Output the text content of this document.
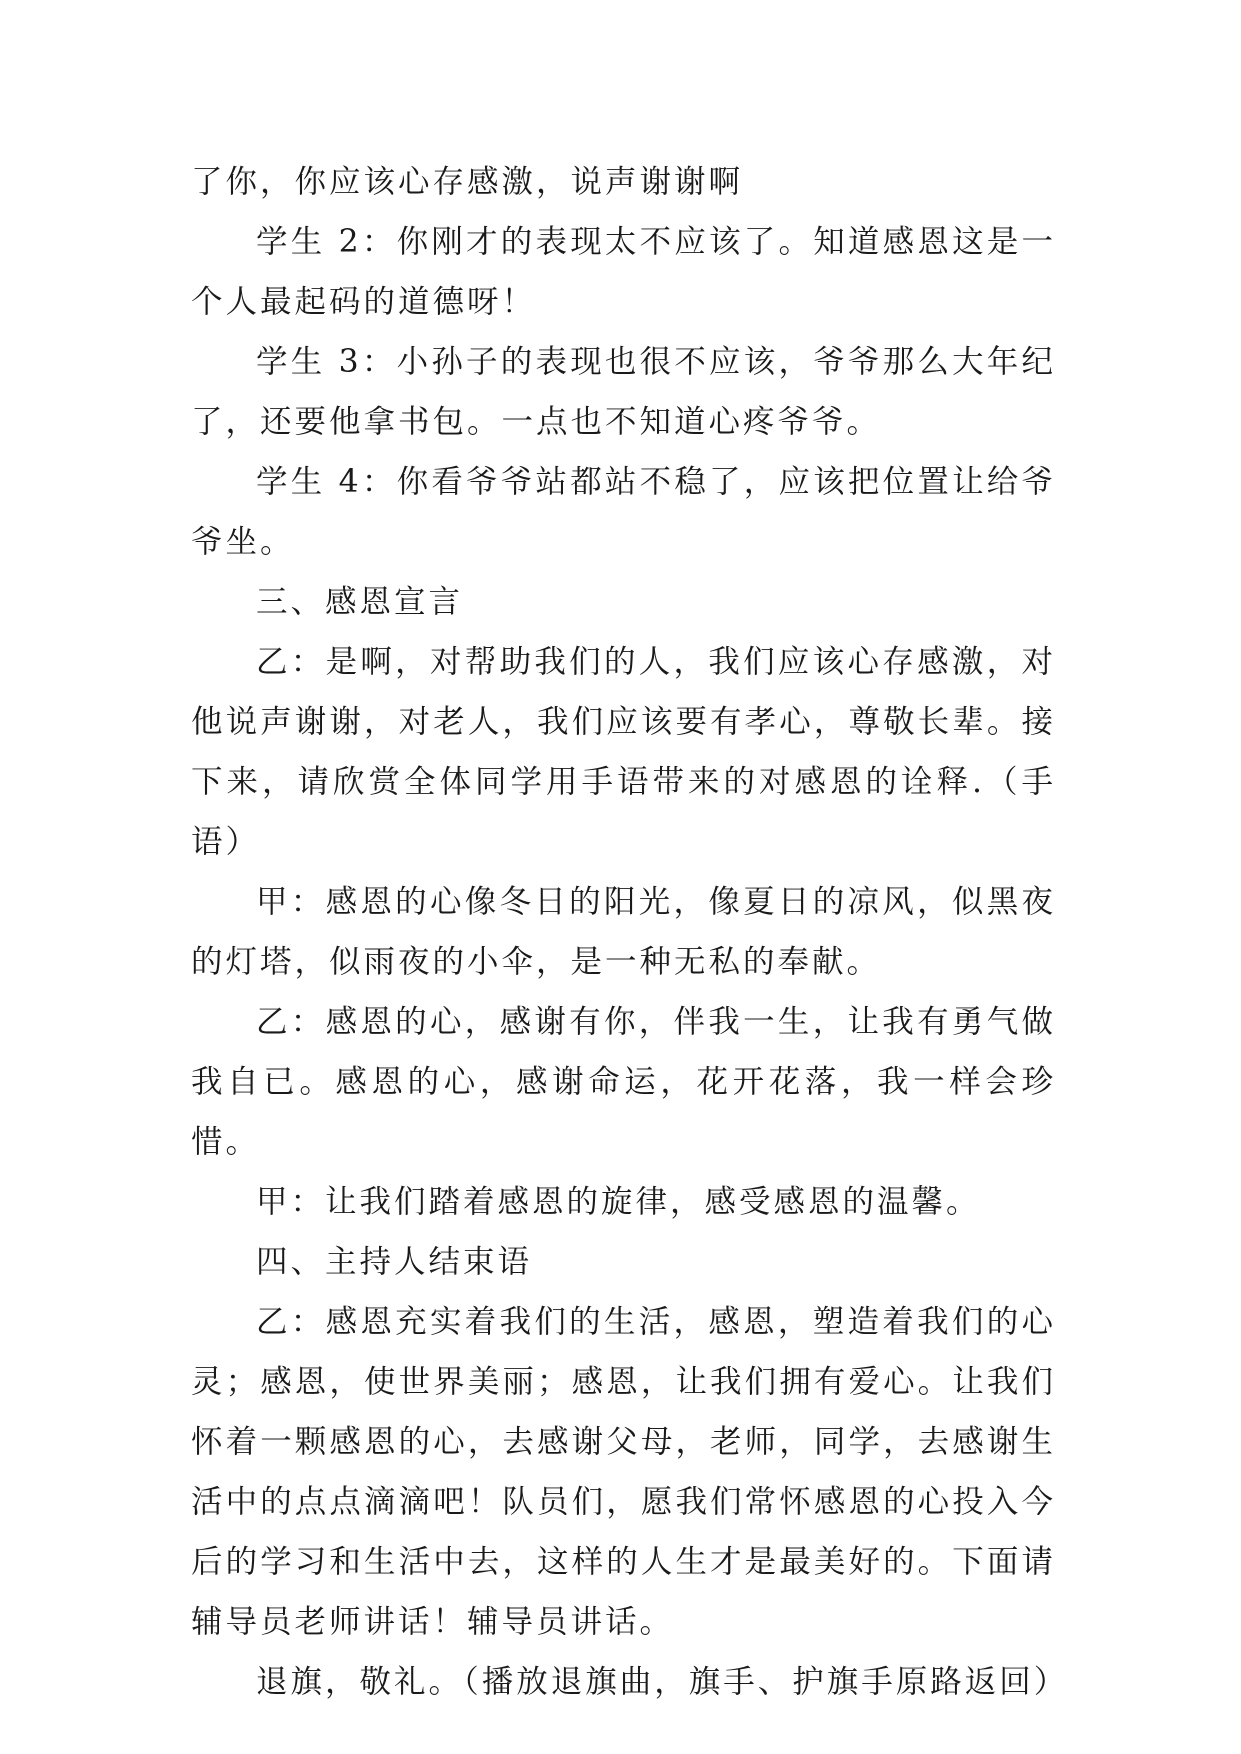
了你，你应该心存感激，说声谢谢啊

学生 2：你刚才的表现太不应该了。知道感恩这是一个人最起码的道德呀！

学生 3：小孙子的表现也很不应该，爷爷那么大年纪了，还要他拿书包。一点也不知道心疼爷爷。

学生 4：你看爷爷站都站不稳了，应该把位置让给爷爷坐。

三、感恩宣言

乙：是啊，对帮助我们的人，我们应该心存感激，对他说声谢谢，对老人，我们应该要有孝心，尊敬长辈。接下来，请欣赏全体同学用手语带来的对感恩的诠释.（手语）

甲：感恩的心像冬日的阳光，像夏日的凉风，似黑夜的灯塔，似雨夜的小伞，是一种无私的奉献。

乙：感恩的心，感谢有你，伴我一生，让我有勇气做我自已。感恩的心，感谢命运，花开花落，我一样会珍惜。

甲：让我们踏着感恩的旋律，感受感恩的温馨。

四、主持人结束语

乙：感恩充实着我们的生活，感恩，塑造着我们的心灵；感恩，使世界美丽；感恩，让我们拥有爱心。让我们怀着一颗感恩的心，去感谢父母，老师，同学，去感谢生活中的点点滴滴吧！队员们，愿我们常怀感恩的心投入今后的学习和生活中去，这样的人生才是最美好的。下面请辅导员老师讲话！辅导员讲话。

退旗，敬礼。（播放退旗曲，旗手、护旗手原路返回）
